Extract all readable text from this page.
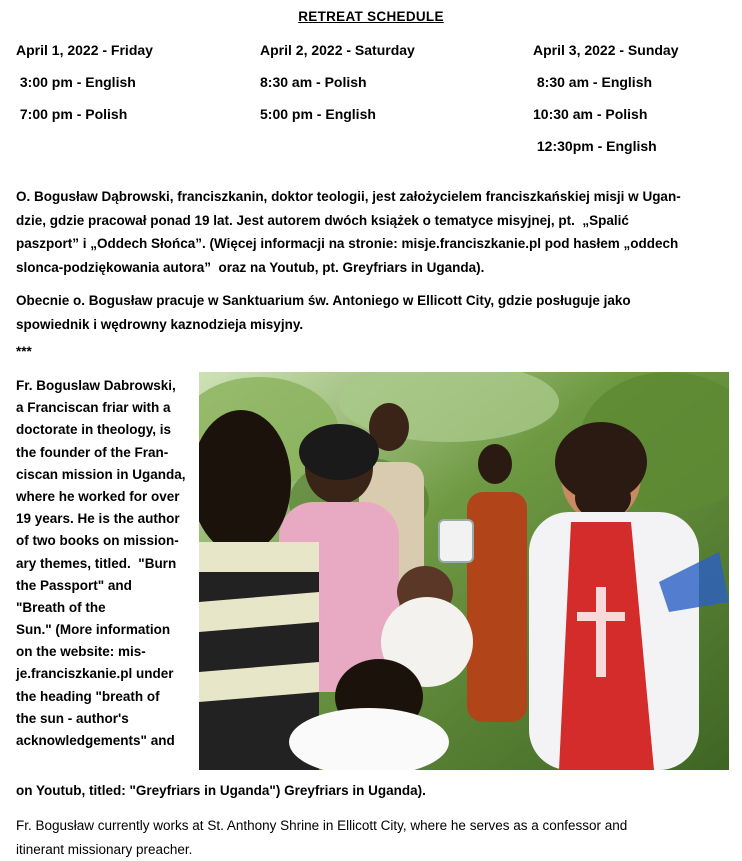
RETREAT SCHEDULE
April 1, 2022 - Friday
3:00 pm - English
7:00 pm - Polish
April 2, 2022 - Saturday
8:30 am - Polish
5:00 pm - English
April 3, 2022 - Sunday
8:30 am - English
10:30 am - Polish
12:30pm - English
O. Bogusław Dąbrowski, franciszkanin, doktor teologii, jest założycielem franciszkańskiej misji w Ugan-
dzie, gdzie pracował ponad 19 lat. Jest autorem dwóch książek o tematyce misyjnej, pt.  „Spalić
paszport” i „Oddech Słońca”. (Więcej informacji na stronie: misje.franciszkanie.pl pod hasłem „oddech
slonca-podziękowania autora”  oraz na Youtub, pt. Greyfriars in Uganda).
Obecnie o. Bogusław pracuje w Sanktuarium św. Antoniego w Ellicott City, gdzie posługuje jako
spowiednik i wędrowny kaznodzieja misyjny.
***
Fr. Boguslaw Dabrowski,
a Franciscan friar with a
doctorate in theology, is
the founder of the Fran-
ciscan mission in Uganda,
where he worked for over
19 years. He is the author
of two books on mission-
ary themes, titled.  "Burn
the Passport" and
"Breath of the
Sun." (More information
on the website: mis-
je.franciszkanie.pl under
the heading "breath of
the sun - author's
acknowledgements" and
on Youtub, titled: "Greyfriars in Uganda") Greyfriars in Uganda).
Fr. Bogusław currently works at St. Anthony Shrine in Ellicott City, where he serves as a confessor and
itinerant missionary preacher.
